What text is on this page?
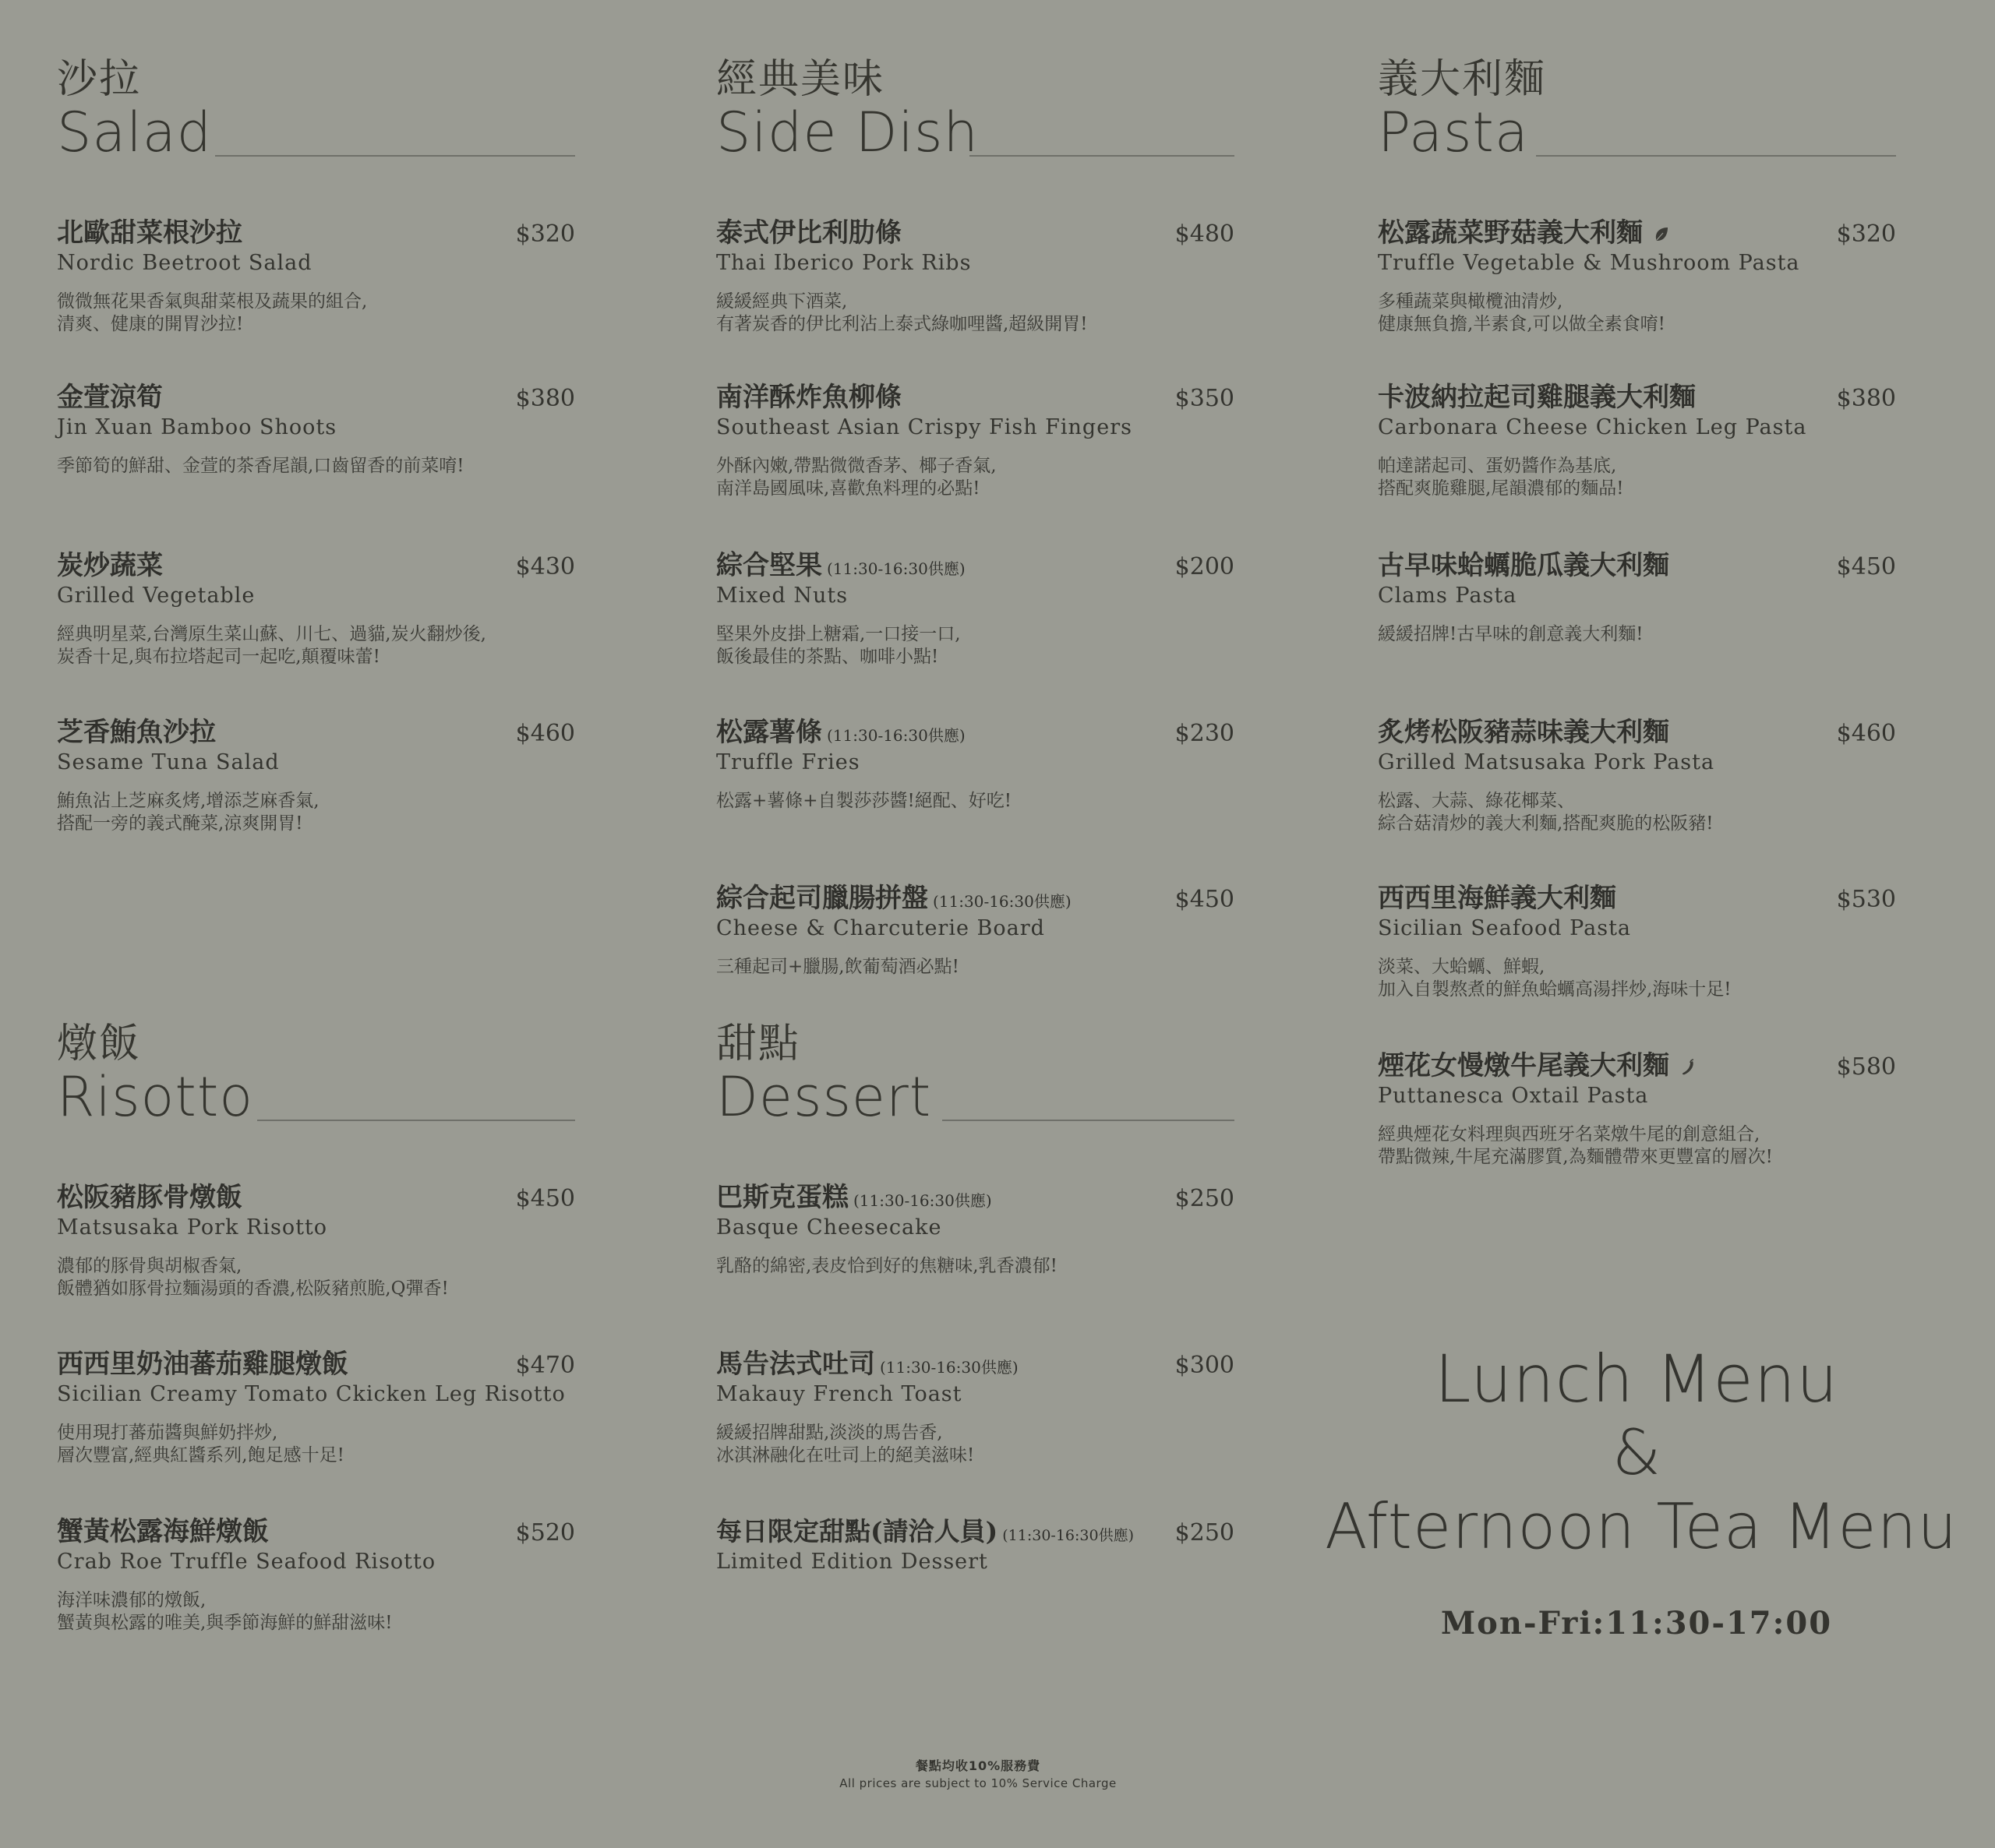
沙拉
Salad
北歐甜菜根沙拉	$320
Nordic Beetroot Salad
微微無花果香氣與甜菜根及蔬果的組合,
清爽、健康的開胃沙拉!
金萱涼筍	$380
Jin Xuan Bamboo Shoots
季節筍的鮮甜、金萱的茶香尾韻,口齒留香的前菜唷!
炭炒蔬菜	$430
Grilled Vegetable
經典明星菜,台灣原生菜山蘇、川七、過貓,炭火翻炒後,
炭香十足,與布拉塔起司一起吃,顛覆味蕾!
芝香鮪魚沙拉	$460
Sesame Tuna Salad
鮪魚沾上芝麻炙烤,增添芝麻香氣,
搭配一旁的義式醃菜,涼爽開胃!
燉飯
Risotto
松阪豬豚骨燉飯	$450
Matsusaka Pork Risotto
濃郁的豚骨與胡椒香氣,
飯體猶如豚骨拉麵湯頭的香濃,松阪豬煎脆,Q彈香!
西西里奶油蕃茄雞腿燉飯	$470
Sicilian Creamy Tomato Ckicken Leg Risotto
使用現打蕃茄醬與鮮奶拌炒,
層次豐富,經典紅醬系列,飽足感十足!
蟹黃松露海鮮燉飯	$520
Crab Roe Truffle Seafood Risotto
海洋味濃郁的燉飯,
蟹黃與松露的唯美,與季節海鮮的鮮甜滋味!
經典美味
Side Dish
泰式伊比利肋條	$480
Thai Iberico Pork Ribs
緩緩經典下酒菜,
有著炭香的伊比利沾上泰式綠咖哩醬,超級開胃!
南洋酥炸魚柳條	$350
Southeast Asian Crispy Fish Fingers
外酥內嫩,帶點微微香茅、椰子香氣,
南洋島國風味,喜歡魚料理的必點!
綜合堅果 (11:30-16:30供應)	$200
Mixed Nuts
堅果外皮掛上糖霜,一口接一口,
飯後最佳的茶點、咖啡小點!
松露薯條 (11:30-16:30供應)	$230
Truffle Fries
松露+薯條+自製莎莎醬!絕配、好吃!
綜合起司臘腸拼盤 (11:30-16:30供應)	$450
Cheese & Charcuterie Board
三種起司+臘腸,飲葡萄酒必點!
甜點
Dessert
巴斯克蛋糕 (11:30-16:30供應)	$250
Basque Cheesecake
乳酪的綿密,表皮恰到好的焦糖味,乳香濃郁!
馬告法式吐司 (11:30-16:30供應)	$300
Makauy French Toast
緩緩招牌甜點,淡淡的馬告香,
冰淇淋融化在吐司上的絕美滋味!
每日限定甜點(請洽人員) (11:30-16:30供應) $250
Limited Edition Dessert
義大利麵
Pasta
松露蔬菜野菇義大利麵	$320
Truffle Vegetable & Mushroom Pasta
多種蔬菜與橄欖油清炒,
健康無負擔,半素食,可以做全素食唷!
卡波納拉起司雞腿義大利麵	$380
Carbonara Cheese Chicken Leg Pasta
帕達諾起司、蛋奶醬作為基底,
搭配爽脆雞腿,尾韻濃郁的麵品!
古早味蛤蠣脆瓜義大利麵	$450
Clams Pasta
緩緩招牌!古早味的創意義大利麵!
炙烤松阪豬蒜味義大利麵	$460
Grilled Matsusaka Pork Pasta
松露、大蒜、綠花椰菜、
綜合菇清炒的義大利麵,搭配爽脆的松阪豬!
西西里海鮮義大利麵	$530
Sicilian Seafood Pasta
淡菜、大蛤蠣、鮮蝦,
加入自製熬煮的鮮魚蛤蠣高湯拌炒,海味十足!
煙花女慢燉牛尾義大利麵	$580
Puttanesca Oxtail Pasta
經典煙花女料理與西班牙名菜燉牛尾的創意組合,
帶點微辣,牛尾充滿膠質,為麵體帶來更豐富的層次!
Lunch Menu
&
Afternoon Tea Menu
Mon-Fri:11:30-17:00
餐點均收10%服務費
All prices are subject to 10% Service Charge
